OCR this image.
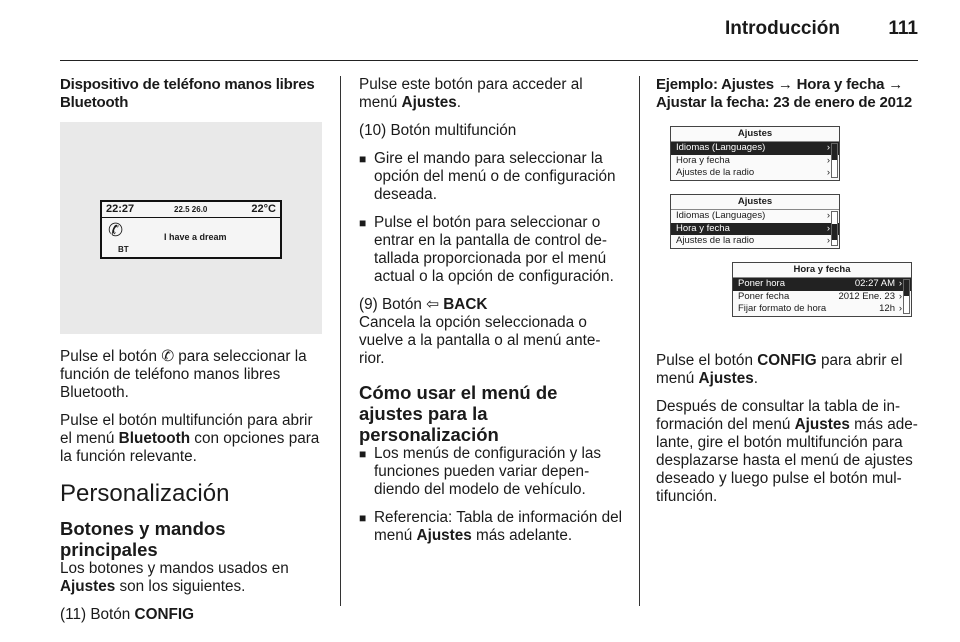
Introducción	111
Dispositivo de teléfono manos libres Bluetooth
22:27	22.5 26.0	22°C
✆
BT
I have a dream

Pulse el botón ✆ para seleccionar la función de teléfono manos libres Bluetooth.

Pulse el botón multifunción para abrir el menú Bluetooth con opciones para la función relevante.

Personalización
Botones y mandos principales

Los botones y mandos usados en Ajustes son los siguientes.

(11) Botón CONFIG

Pulse este botón para acceder al menú Ajustes.

(10) Botón multifunción

■ Gire el mando para seleccionar la opción del menú o de configuración deseada.
■ Pulse el botón para seleccionar o entrar en la pantalla de control de-tallada proporcionada por el menú actual o la opción de configuración.

(9) Botón ⇦ BACK

Cancela la opción seleccionada o vuelve a la pantalla o al menú ante-rior.

Cómo usar el menú de ajustes para la personalización
■ Los menús de configuración y las funciones pueden variar depen-diendo del modelo de vehículo.
■ Referencia: Tabla de información del menú Ajustes más adelante.
Ejemplo: Ajustes → Hora y fecha → Ajustar la fecha: 23 de enero de 2012
Ajustes
Idiomas (Languages)	›
Hora y fecha	›
Ajustes de la radio	›
Ajustes
Idiomas (Languages)	›
Hora y fecha	›
Ajustes de la radio	›
Hora y fecha
Poner hora	02:27 AM ›
Poner fecha	2012 Ene. 23 ›
Fijar formato de hora	12h ›

Pulse el botón CONFIG para abrir el menú Ajustes.

Después de consultar la tabla de in-formación del menú Ajustes más ade-lante, gire el botón multifunción para desplazarse hasta el menú de ajustes deseado y luego pulse el botón mul-tifunción.
